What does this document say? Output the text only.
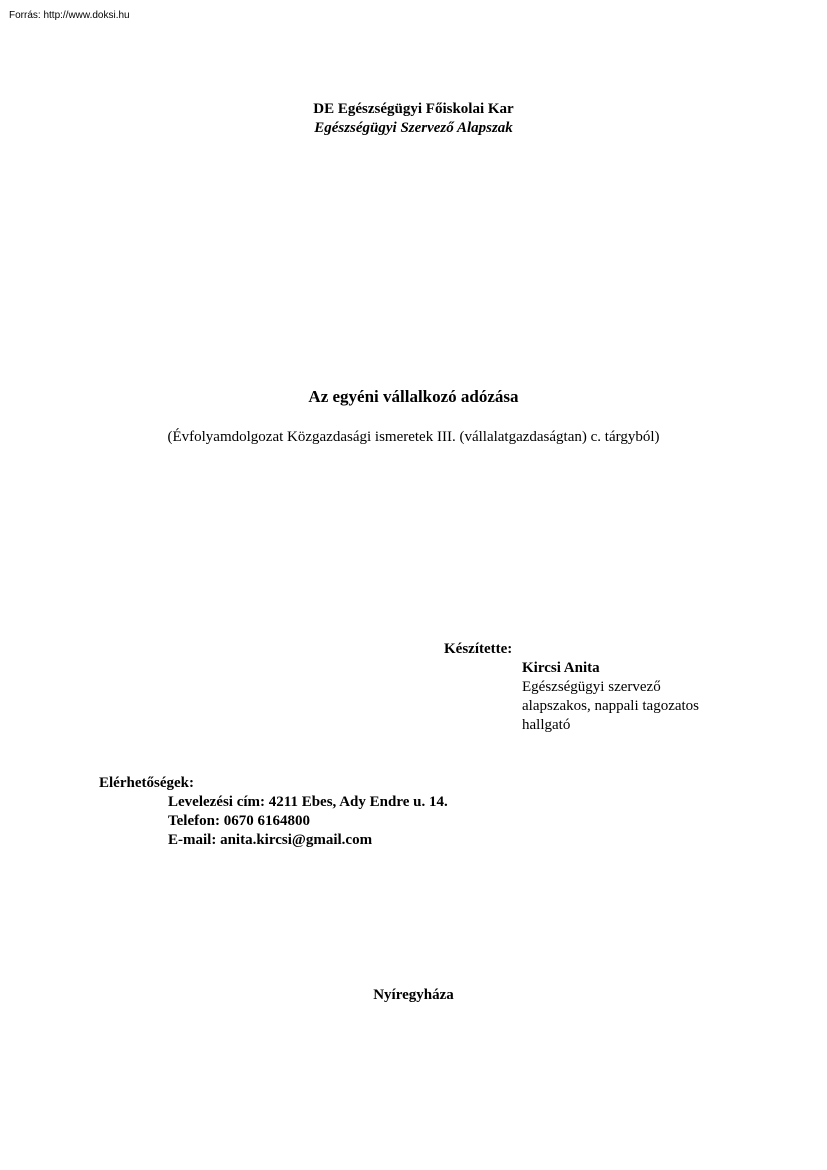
Forrás: http://www.doksi.hu
DE Egészségügyi Főiskolai Kar
Egészségügyi Szervező Alapszak
Az egyéni vállalkozó adózása
(Évfolyamdolgozat Közgazdasági ismeretek III. (vállalatgazdaságtan) c. tárgyból)
Készítette:
Kircsi Anita
Egészségügyi szervező
alapszakos, nappali tagozatos
hallgató
Elérhetőségek:
Levelezési cím: 4211 Ebes, Ady Endre u. 14.
Telefon: 0670 6164800
E-mail: anita.kircsi@gmail.com
Nyíregyháza
